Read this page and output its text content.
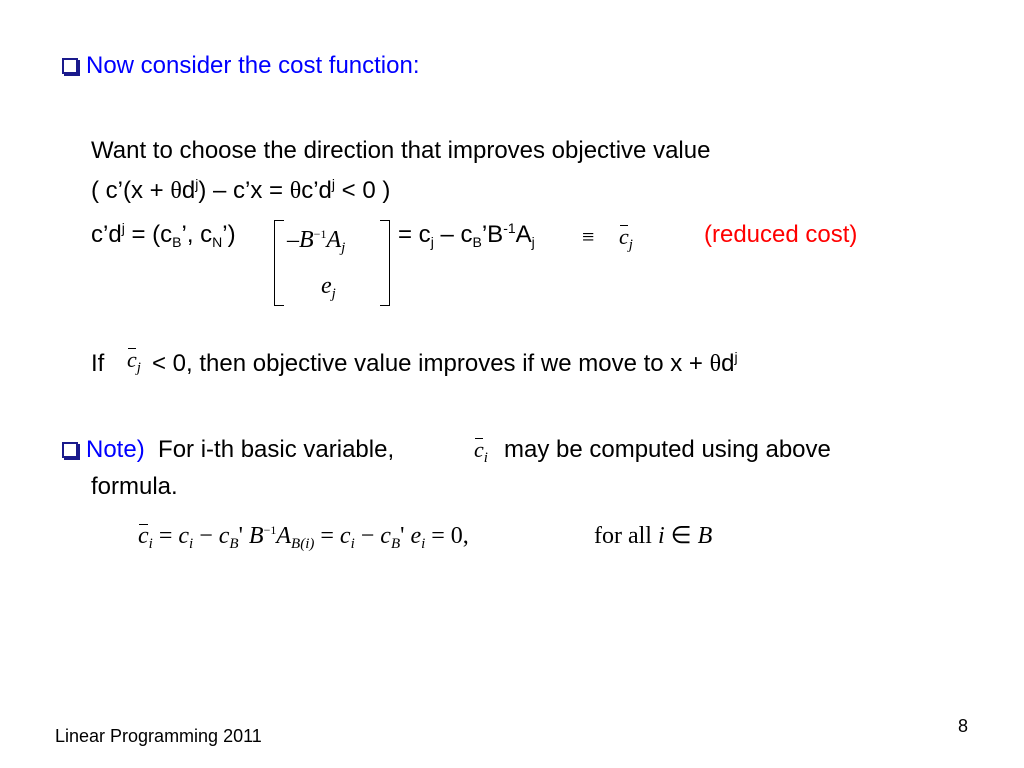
Now consider the cost function:
Want to choose the direction that improves objective value
( c’(x + $\theta d^j$) – c’x = $\theta c’d^j < 0$ )
$c’d^j = (c_B$’, $c_N$’) $-B^{-1}A_j$
$e_j$
= $c_j$ – $c_B’B^{-1}A_j \equiv c_j$	(reduced cost)
If $c_j < 0$, then objective value improves if we move to $x + \theta d^j$
Note) For i-th basic variable,	$c_i$ may be computed using above
formula.
$c_i = c_i - c_B'$ $B^{-1}A_{B(i)} = c_i - c_B'$ $e_i = 0$,	for all i ∈ B
Linear Programming 2011	8
